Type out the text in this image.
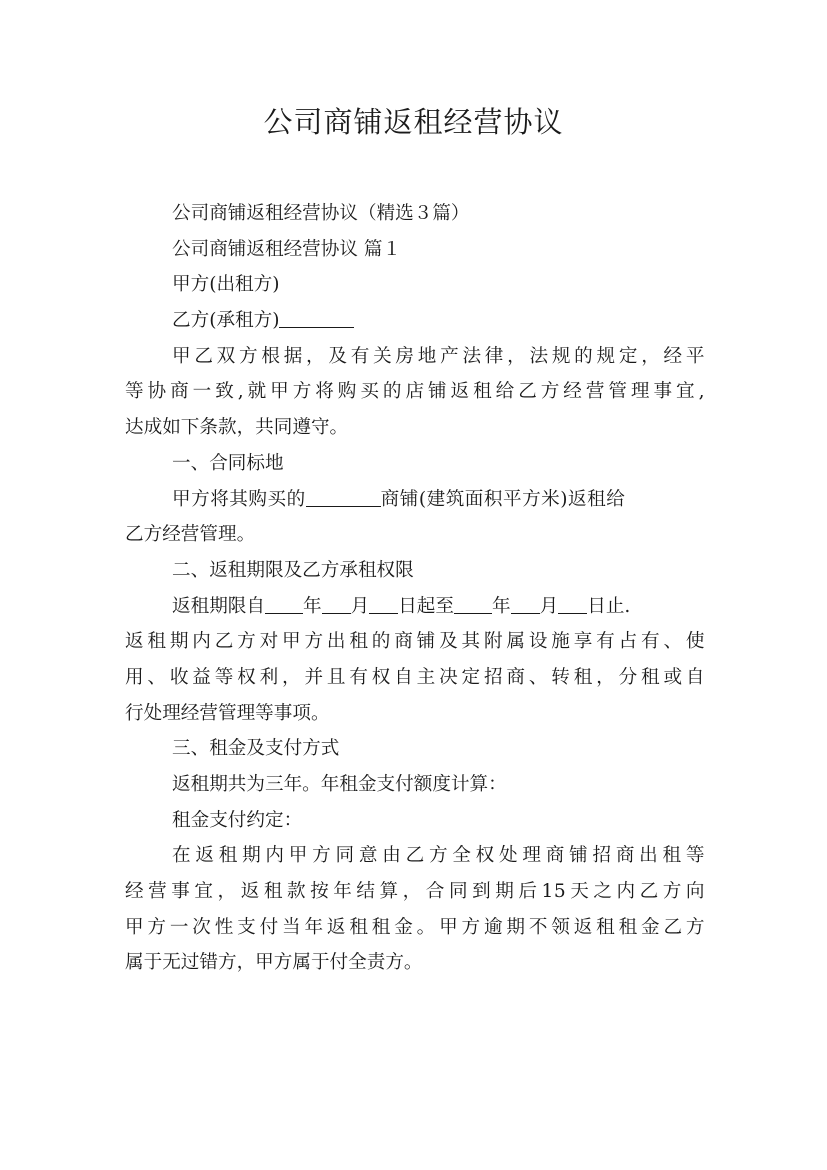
公司商铺返租经营协议
公司商铺返租经营协议（精选３篇）
公司商铺返租经营协议 篇１
甲方(出租方)
乙方(承租方)
甲乙双方根据，及有关房地产法律，法规的规定，经平
等协商一致,就甲方将购买的店铺返租给乙方经营管理事宜,
达成如下条款，共同遵守。
一、合同标地
甲方将其购买的	商铺(建筑面积平方米)返租给
乙方经营管理。
二、返租期限及乙方承租权限
返租期限自 年 月 日起至 年 月 日止.
返租期内乙方对甲方出租的商铺及其附属设施享有占有、使
用、收益等权利，并且有权自主决定招商、转租，分租或自
行处理经营管理等事项。
三、租金及支付方式
返租期共为三年。年租金支付额度计算：
租金支付约定：
在返租期内甲方同意由乙方全权处理商铺招商出租等
经营事宜，返租款按年结算，合同到期后15天之内乙方向
甲方一次性支付当年返租租金。甲方逾期不领返租租金乙方
属于无过错方，甲方属于付全责方。
